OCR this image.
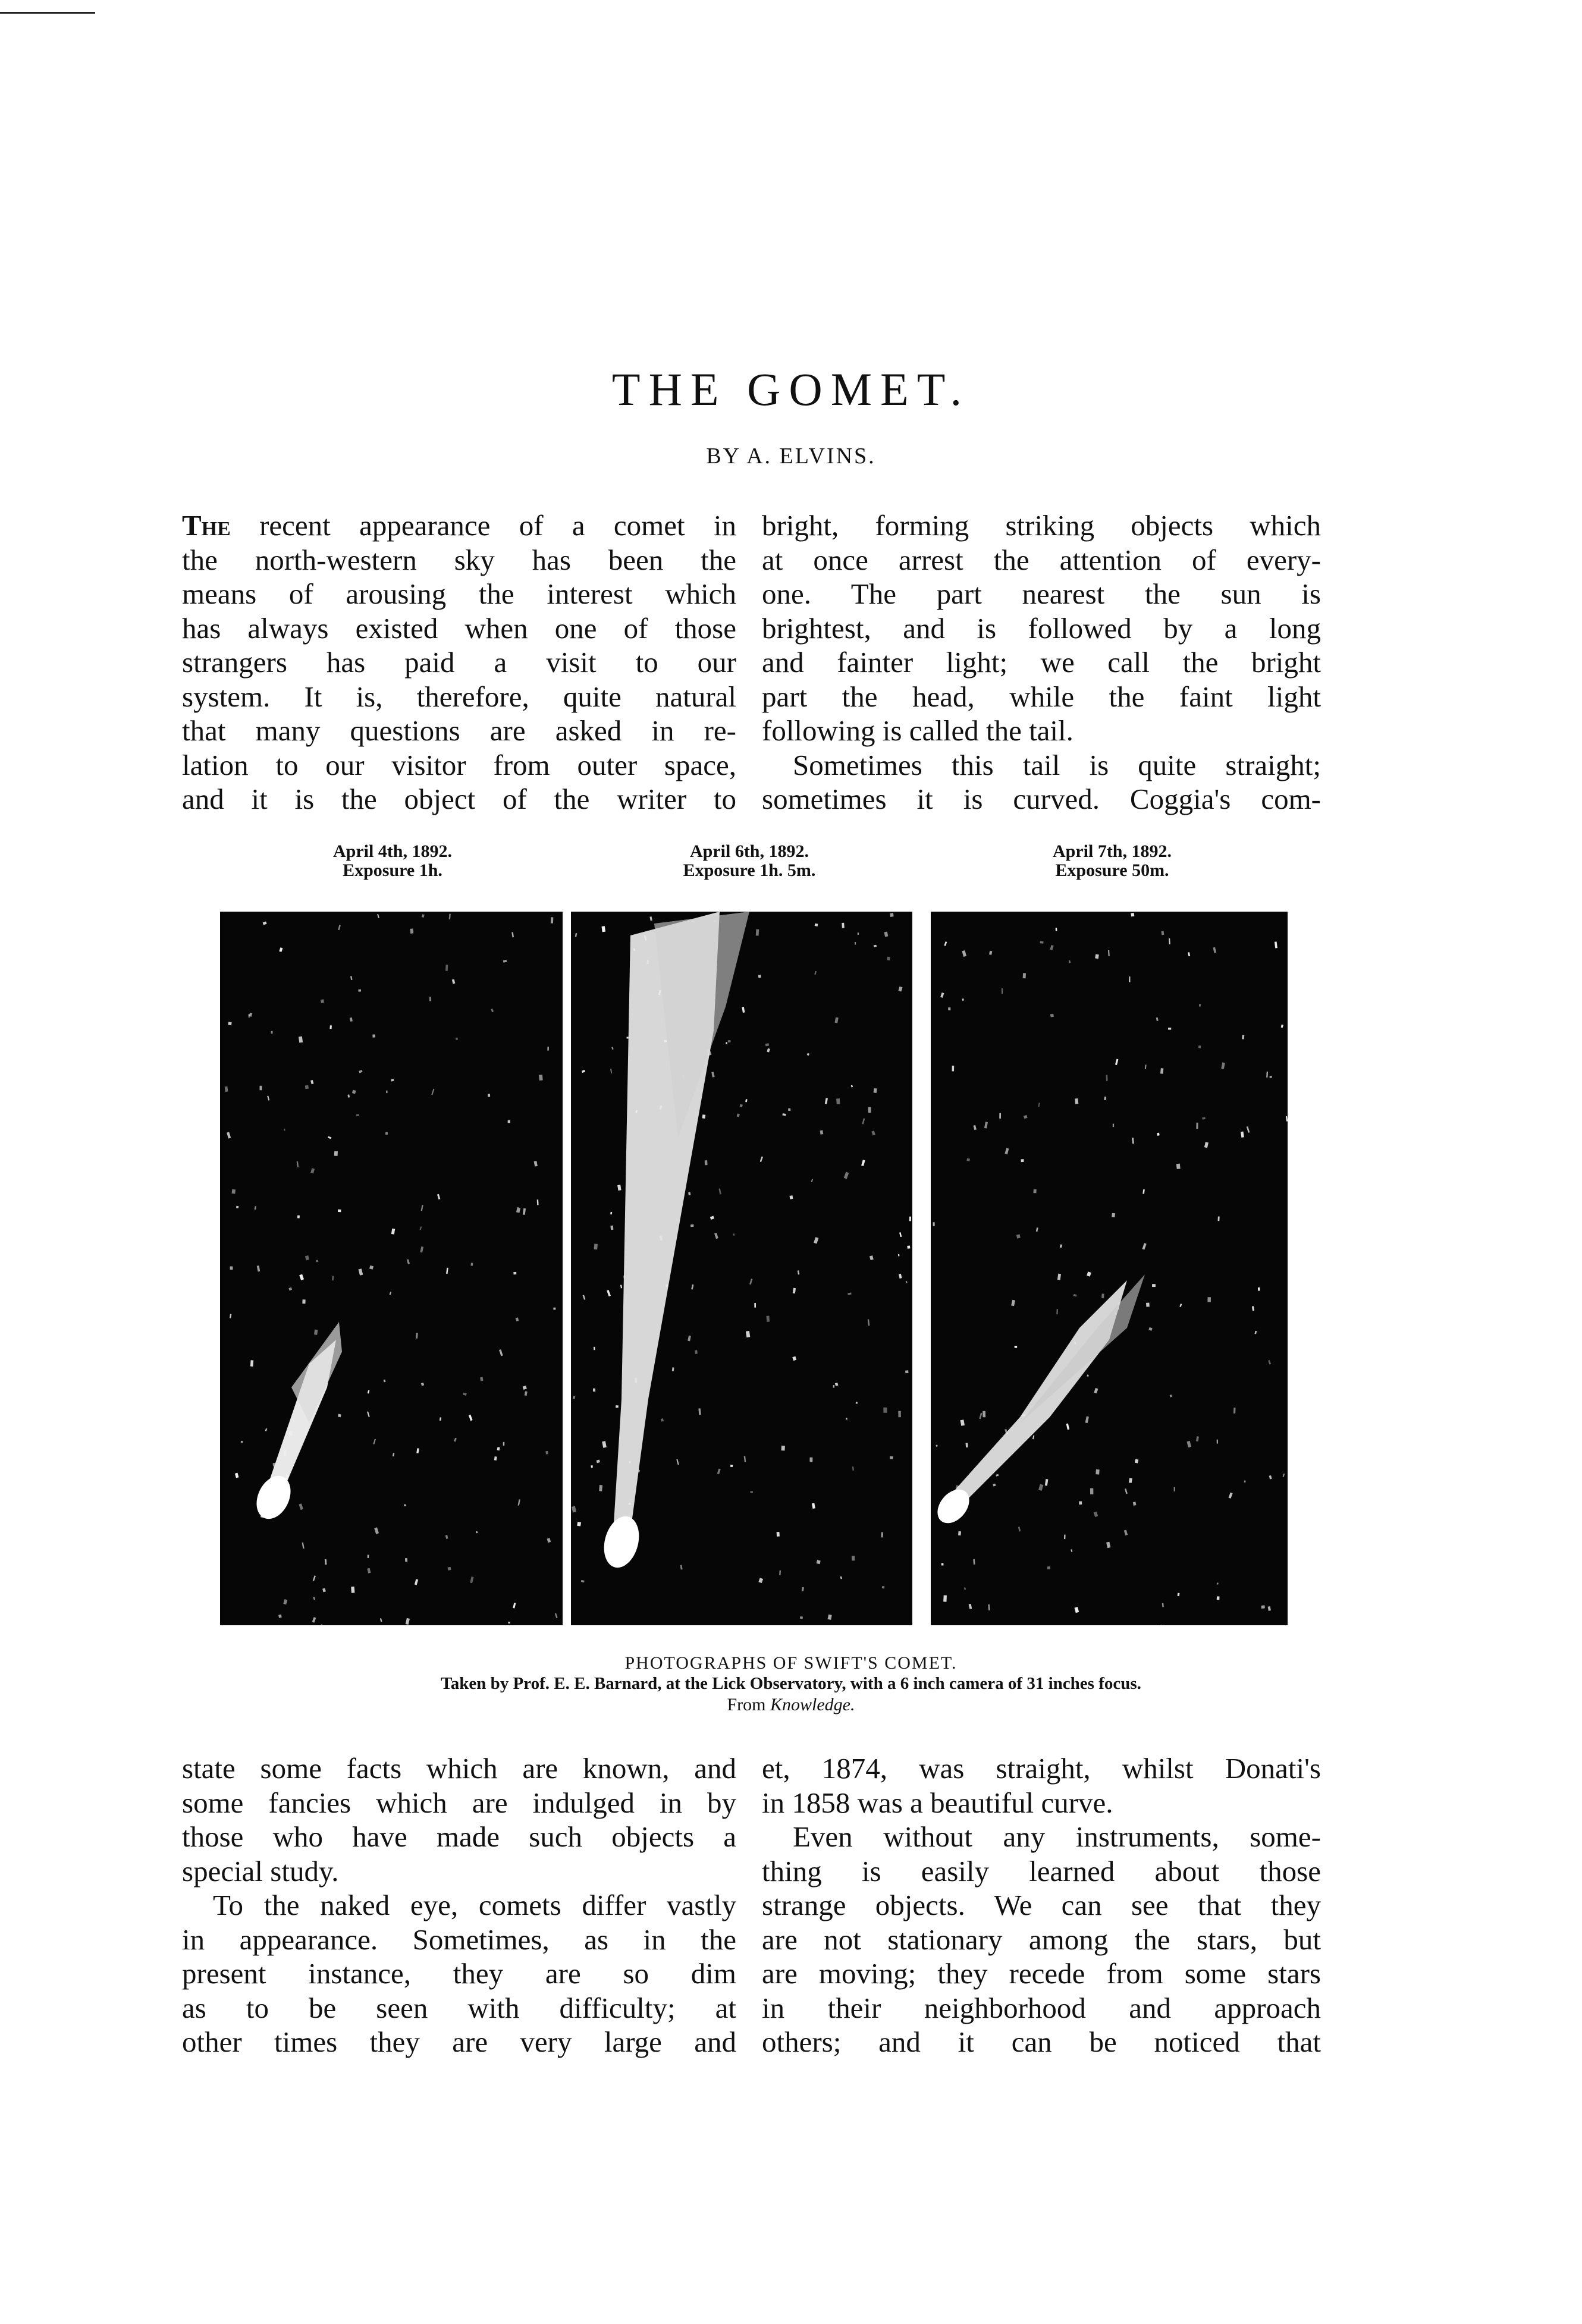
THE GOMET.
BY A. ELVINS.
The recent appearance of a comet in
the north-western sky has been the
means of arousing the interest which
has always existed when one of those
strangers has paid a visit to our
system. It is, therefore, quite natural
that many questions are asked in re-
lation to our visitor from outer space,
and it is the object of the writer to
bright, forming striking objects which
at once arrest the attention of every-
one. The part nearest the sun is
brightest, and is followed by a long
and fainter light; we call the bright
part the head, while the faint light
following is called the tail.
Sometimes this tail is quite straight;
sometimes it is curved. Coggia's com-
April 4th, 1892.
Exposure 1h.
April 6th, 1892.
Exposure 1h. 5m.
April 7th, 1892.
Exposure 50m.
PHOTOGRAPHS OF SWIFT'S COMET.
Taken by Prof. E. E. Barnard, at the Lick Observatory, with a 6 inch camera of 31 inches focus.
From Knowledge.
state some facts which are known, and
some fancies which are indulged in by
those who have made such objects a
special study.
To the naked eye, comets differ vastly
in appearance. Sometimes, as in the
present instance, they are so dim
as to be seen with difficulty; at
other times they are very large and
et, 1874, was straight, whilst Donati's
in 1858 was a beautiful curve.
Even without any instruments, some-
thing is easily learned about those
strange objects. We can see that they
are not stationary among the stars, but
are moving; they recede from some stars
in their neighborhood and approach
others; and it can be noticed that
